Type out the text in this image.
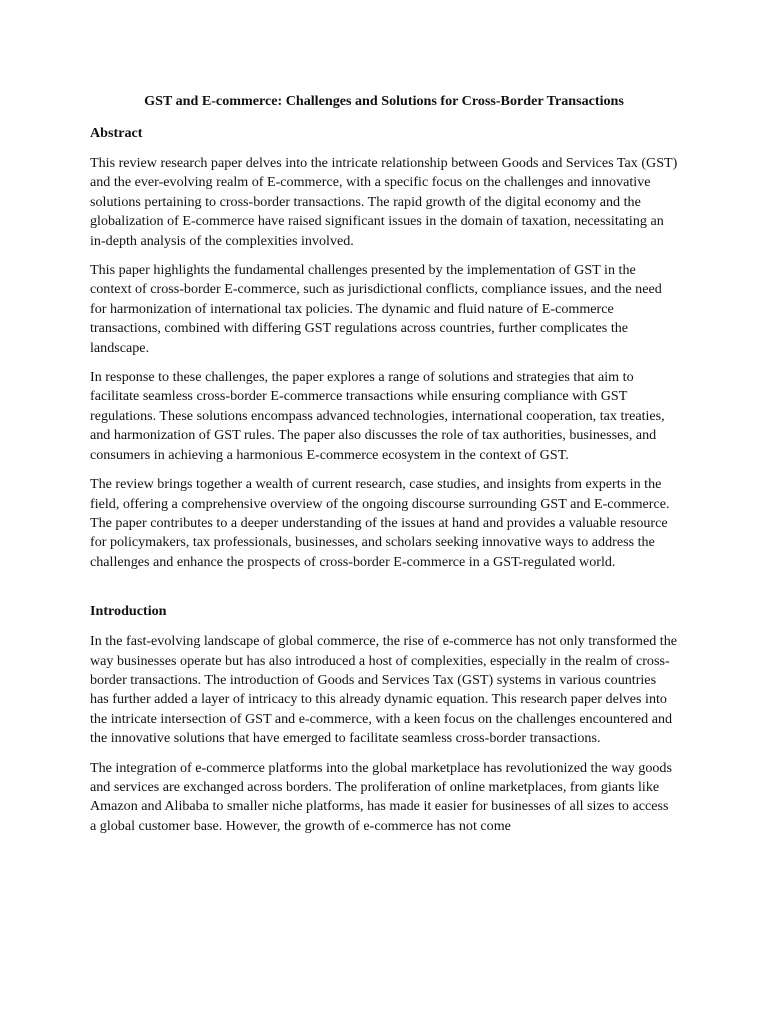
GST and E-commerce: Challenges and Solutions for Cross-Border Transactions
Abstract

This review research paper delves into the intricate relationship between Goods and Services Tax (GST) and the ever-evolving realm of E-commerce, with a specific focus on the challenges and innovative solutions pertaining to cross-border transactions. The rapid growth of the digital economy and the globalization of E-commerce have raised significant issues in the domain of taxation, necessitating an in-depth analysis of the complexities involved.

This paper highlights the fundamental challenges presented by the implementation of GST in the context of cross-border E-commerce, such as jurisdictional conflicts, compliance issues, and the need for harmonization of international tax policies. The dynamic and fluid nature of E-commerce transactions, combined with differing GST regulations across countries, further complicates the landscape.

In response to these challenges, the paper explores a range of solutions and strategies that aim to facilitate seamless cross-border E-commerce transactions while ensuring compliance with GST regulations. These solutions encompass advanced technologies, international cooperation, tax treaties, and harmonization of GST rules. The paper also discusses the role of tax authorities, businesses, and consumers in achieving a harmonious E-commerce ecosystem in the context of GST.

The review brings together a wealth of current research, case studies, and insights from experts in the field, offering a comprehensive overview of the ongoing discourse surrounding GST and E-commerce. The paper contributes to a deeper understanding of the issues at hand and provides a valuable resource for policymakers, tax professionals, businesses, and scholars seeking innovative ways to address the challenges and enhance the prospects of cross-border E-commerce in a GST-regulated world.

Introduction

In the fast-evolving landscape of global commerce, the rise of e-commerce has not only transformed the way businesses operate but has also introduced a host of complexities, especially in the realm of cross-border transactions. The introduction of Goods and Services Tax (GST) systems in various countries has further added a layer of intricacy to this already dynamic equation. This research paper delves into the intricate intersection of GST and e-commerce, with a keen focus on the challenges encountered and the innovative solutions that have emerged to facilitate seamless cross-border transactions.

The integration of e-commerce platforms into the global marketplace has revolutionized the way goods and services are exchanged across borders. The proliferation of online marketplaces, from giants like Amazon and Alibaba to smaller niche platforms, has made it easier for businesses of all sizes to access a global customer base. However, the growth of e-commerce has not come
